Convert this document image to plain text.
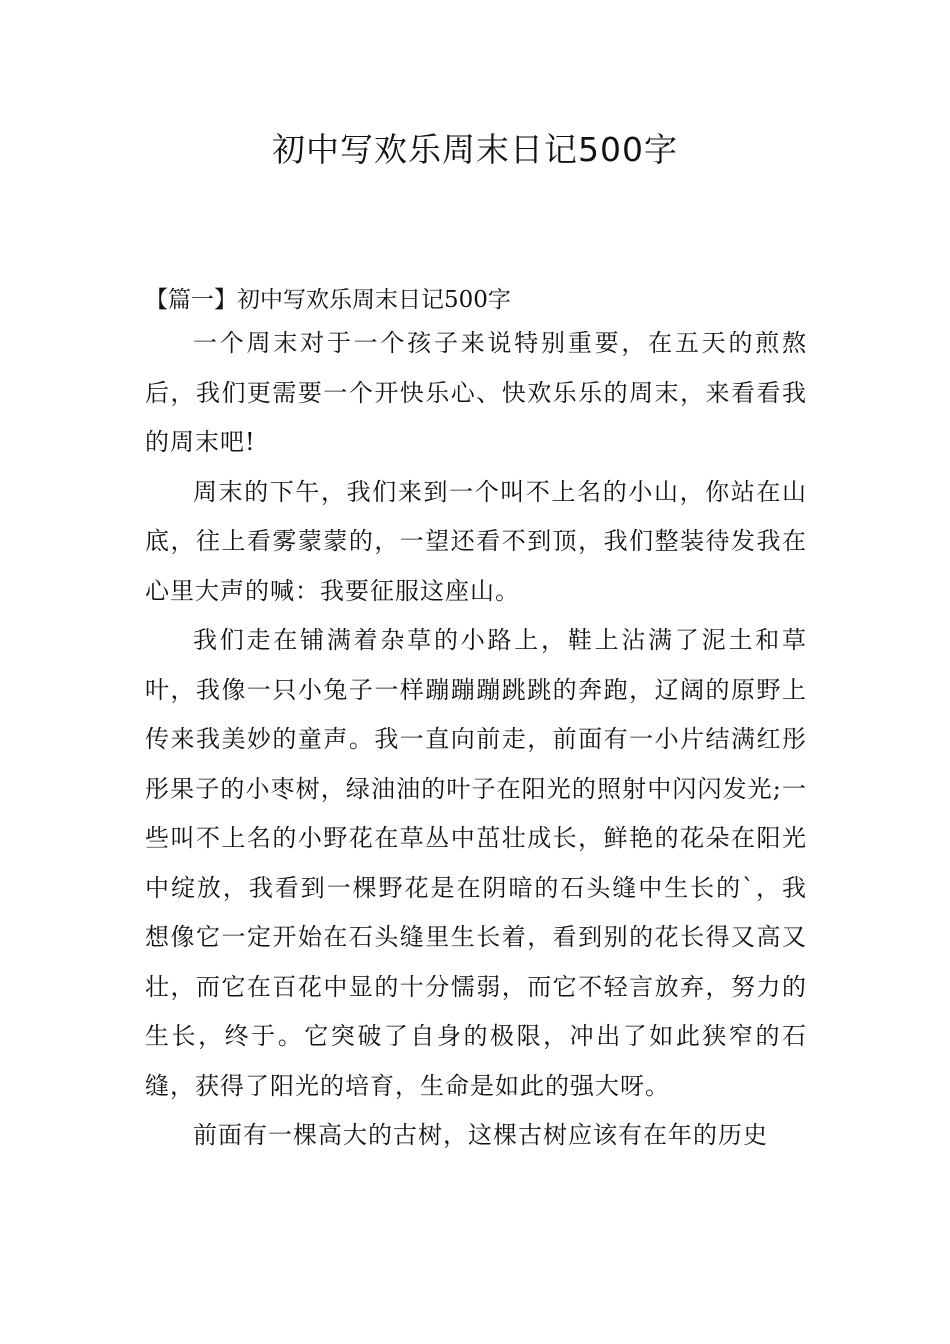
初中写欢乐周末日记500字

【篇一】初中写欢乐周末日记500字

一个周末对于一个孩子来说特别重要，在五天的煎熬后，我们更需要一个开快乐心、快欢乐乐的周末，来看看我的周末吧!

周末的下午，我们来到一个叫不上名的小山，你站在山底，往上看雾蒙蒙的，一望还看不到顶，我们整装待发我在心里大声的喊：我要征服这座山。

我们走在铺满着杂草的小路上，鞋上沾满了泥土和草叶，我像一只小兔子一样蹦蹦蹦跳跳的奔跑，辽阔的原野上传来我美妙的童声。我一直向前走，前面有一小片结满红彤彤果子的小枣树，绿油油的叶子在阳光的照射中闪闪发光;一些叫不上名的小野花在草丛中茁壮成长，鲜艳的花朵在阳光中绽放，我看到一棵野花是在阴暗的石头缝中生长的`，我想像它一定开始在石头缝里生长着，看到别的花长得又高又壮，而它在百花中显的十分懦弱，而它不轻言放弃，努力的生长，终于。它突破了自身的极限，冲出了如此狭窄的石缝，获得了阳光的培育，生命是如此的强大呀。

前面有一棵高大的古树，这棵古树应该有在年的历史
